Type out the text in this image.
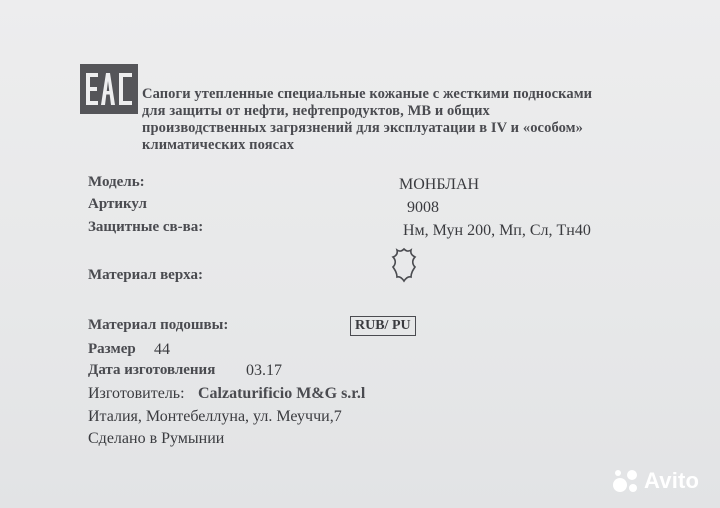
Сапоги утепленные специальные кожаные с жесткими подносками
для защиты от нефти, нефтепродуктов, МВ и общих
производственных загрязнений для эксплуатации в IV и «особом»
климатических поясах
Модель:	МОНБЛАН
Артикул	9008
Защитные св-ва:	Нм, Мун 200, Мп, Сл, Тн40
Материал верха:
Материал подошвы:	RUB/ PU
Размер 44
Дата изготовления 03.17
Изготовитель: Calzaturificio M&G s.r.l
Италия, Монтебеллуна, ул. Меуччи,7
Сделано в Румынии
Avito
